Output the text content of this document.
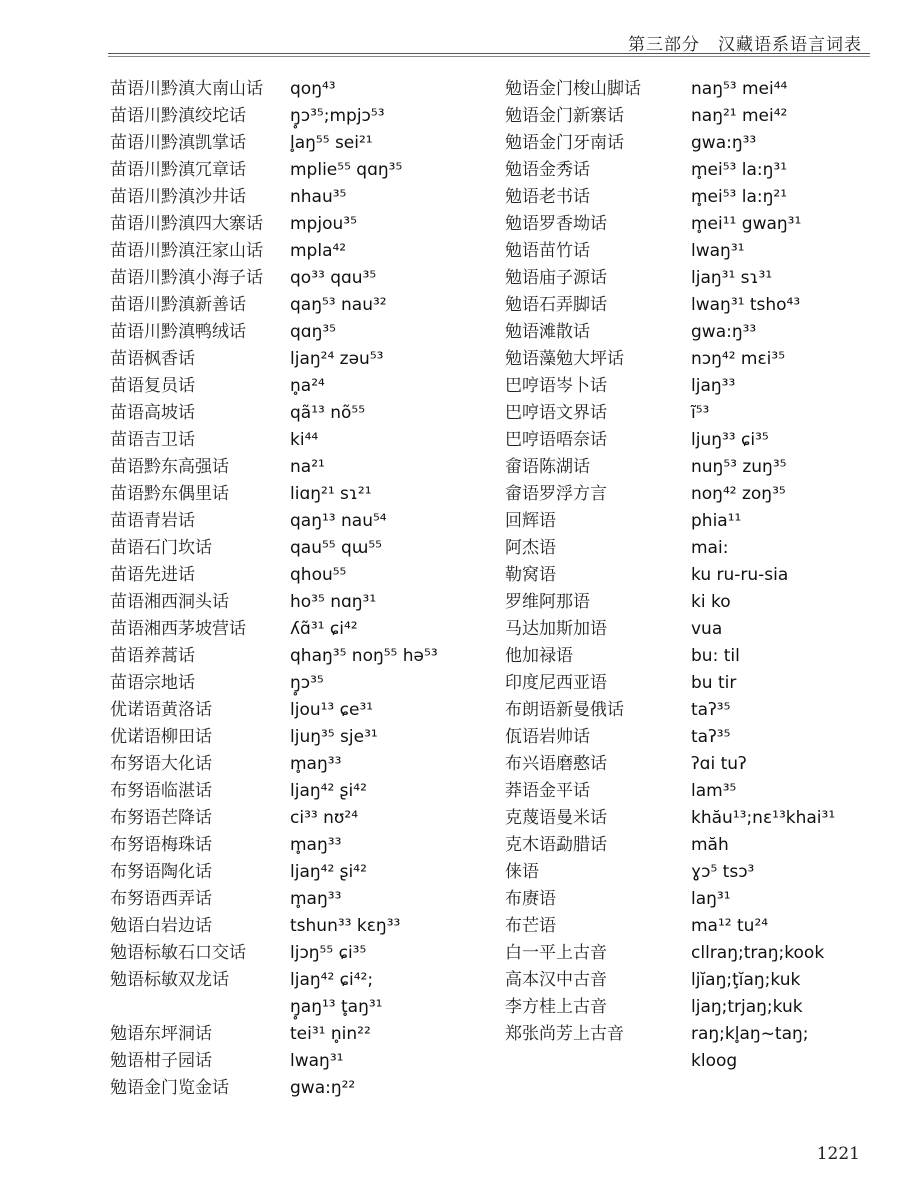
第三部分　汉藏语系语言词表
苗语川黔滇大南山话	qoŋ⁴³
苗语川黔滇绞坨话	ŋ̥ɔ³⁵;mpjɔ⁵³
苗语川黔滇凯掌话	l̥aŋ⁵⁵ sei²¹
苗语川黔滇冗章话	mplie⁵⁵ qɑŋ³⁵
苗语川黔滇沙井话	nhau³⁵
苗语川黔滇四大寨话	mpjou³⁵
苗语川黔滇汪家山话	mpla⁴²
苗语川黔滇小海子话	qo³³ qɑu³⁵
苗语川黔滇新善话	qaŋ⁵³ nau³²
苗语川黔滇鸭绒话	qɑŋ³⁵
苗语枫香话	ljaŋ²⁴ zəu⁵³
苗语复员话	n̥a²⁴
苗语高坡话	qã¹³ nõ⁵⁵
苗语吉卫话	ki⁴⁴
苗语黔东高强话	na²¹
苗语黔东偶里话	liɑŋ²¹ sɿ²¹
苗语青岩话	qaŋ¹³ nau⁵⁴
苗语石门坎话	qau⁵⁵ qɯ⁵⁵
苗语先进话	qhou⁵⁵
苗语湘西洞头话	ho³⁵ nɑŋ³¹
苗语湘西茅坡营话	ʎɑ̃³¹ ɕi⁴²
苗语养蒿话	qhaŋ³⁵ noŋ⁵⁵ hə⁵³
苗语宗地话	ŋ̥ɔ³⁵
优诺语黄洛话	ljou¹³ ɕe³¹
优诺语柳田话	ljuŋ³⁵ sje³¹
布努语大化话	m̥aŋ³³
布努语临湛话	ljaŋ⁴² ʂi⁴²
布努语芒降话	ci³³ nʊ²⁴
布努语梅珠话	m̥aŋ³³
布努语陶化话	ljaŋ⁴² ʂi⁴²
布努语西弄话	m̥aŋ³³
勉语白岩边话	tshun³³ kɛŋ³³
勉语标敏石口交话	ljɔŋ⁵⁵ ɕi³⁵
勉语标敏双龙话	ljaŋ⁴² ɕi⁴²;
ŋ̥aŋ¹³ t̥aŋ³¹
勉语东坪洞话	tei³¹ n̥in²²
勉语柑子园话	lwaŋ³¹
勉语金门览金话	gwa:ŋ²²
勉语金门梭山脚话	naŋ⁵³ mei⁴⁴
勉语金门新寨话	naŋ²¹ mei⁴²
勉语金门牙南话	gwa:ŋ³³
勉语金秀话	m̥ei⁵³ la:ŋ³¹
勉语老书话	m̥ei⁵³ la:ŋ²¹
勉语罗香坳话	m̥ei¹¹ gwaŋ³¹
勉语苗竹话	lwaŋ³¹
勉语庙子源话	ljaŋ³¹ sɿ³¹
勉语石弄脚话	lwaŋ³¹ tsho⁴³
勉语滩散话	gwa:ŋ³³
勉语藻勉大坪话	nɔŋ⁴² mɛi³⁵
巴哼语岑卜话	ljaŋ³³
巴哼语文界话	ĩ⁵³
巴哼语唔奈话	ljuŋ³³ ɕi³⁵
畲语陈湖话	nuŋ⁵³ zuŋ³⁵
畲语罗浮方言	noŋ⁴² zoŋ³⁵
回辉语	phia¹¹
阿杰语	mai:
勒窝语	ku ru-ru-sia
罗维阿那语	ki ko
马达加斯加语	vua
他加禄语	bu: til
印度尼西亚语	bu tir
布朗语新曼俄话	taʔ³⁵
佤语岩帅话	taʔ³⁵
布兴语磨憨话	ʔɑi tuʔ
莽语金平话	lam³⁵
克蔑语曼米话	khău¹³;nɛ¹³khai³¹
克木语勐腊话	măh
俫语	ɣɔ⁵ tsɔ³
布赓语	laŋ³¹
布芒语	ma¹² tu²⁴
白一平上古音	cllraŋ;traŋ;kook
高本汉中古音	ljĭaŋ;ţĭaŋ;kuk
李方桂上古音	ljaŋ;trjaŋ;kuk
郑张尚芳上古音	raŋ;kl̥aŋ~taŋ;
kloog
1221
